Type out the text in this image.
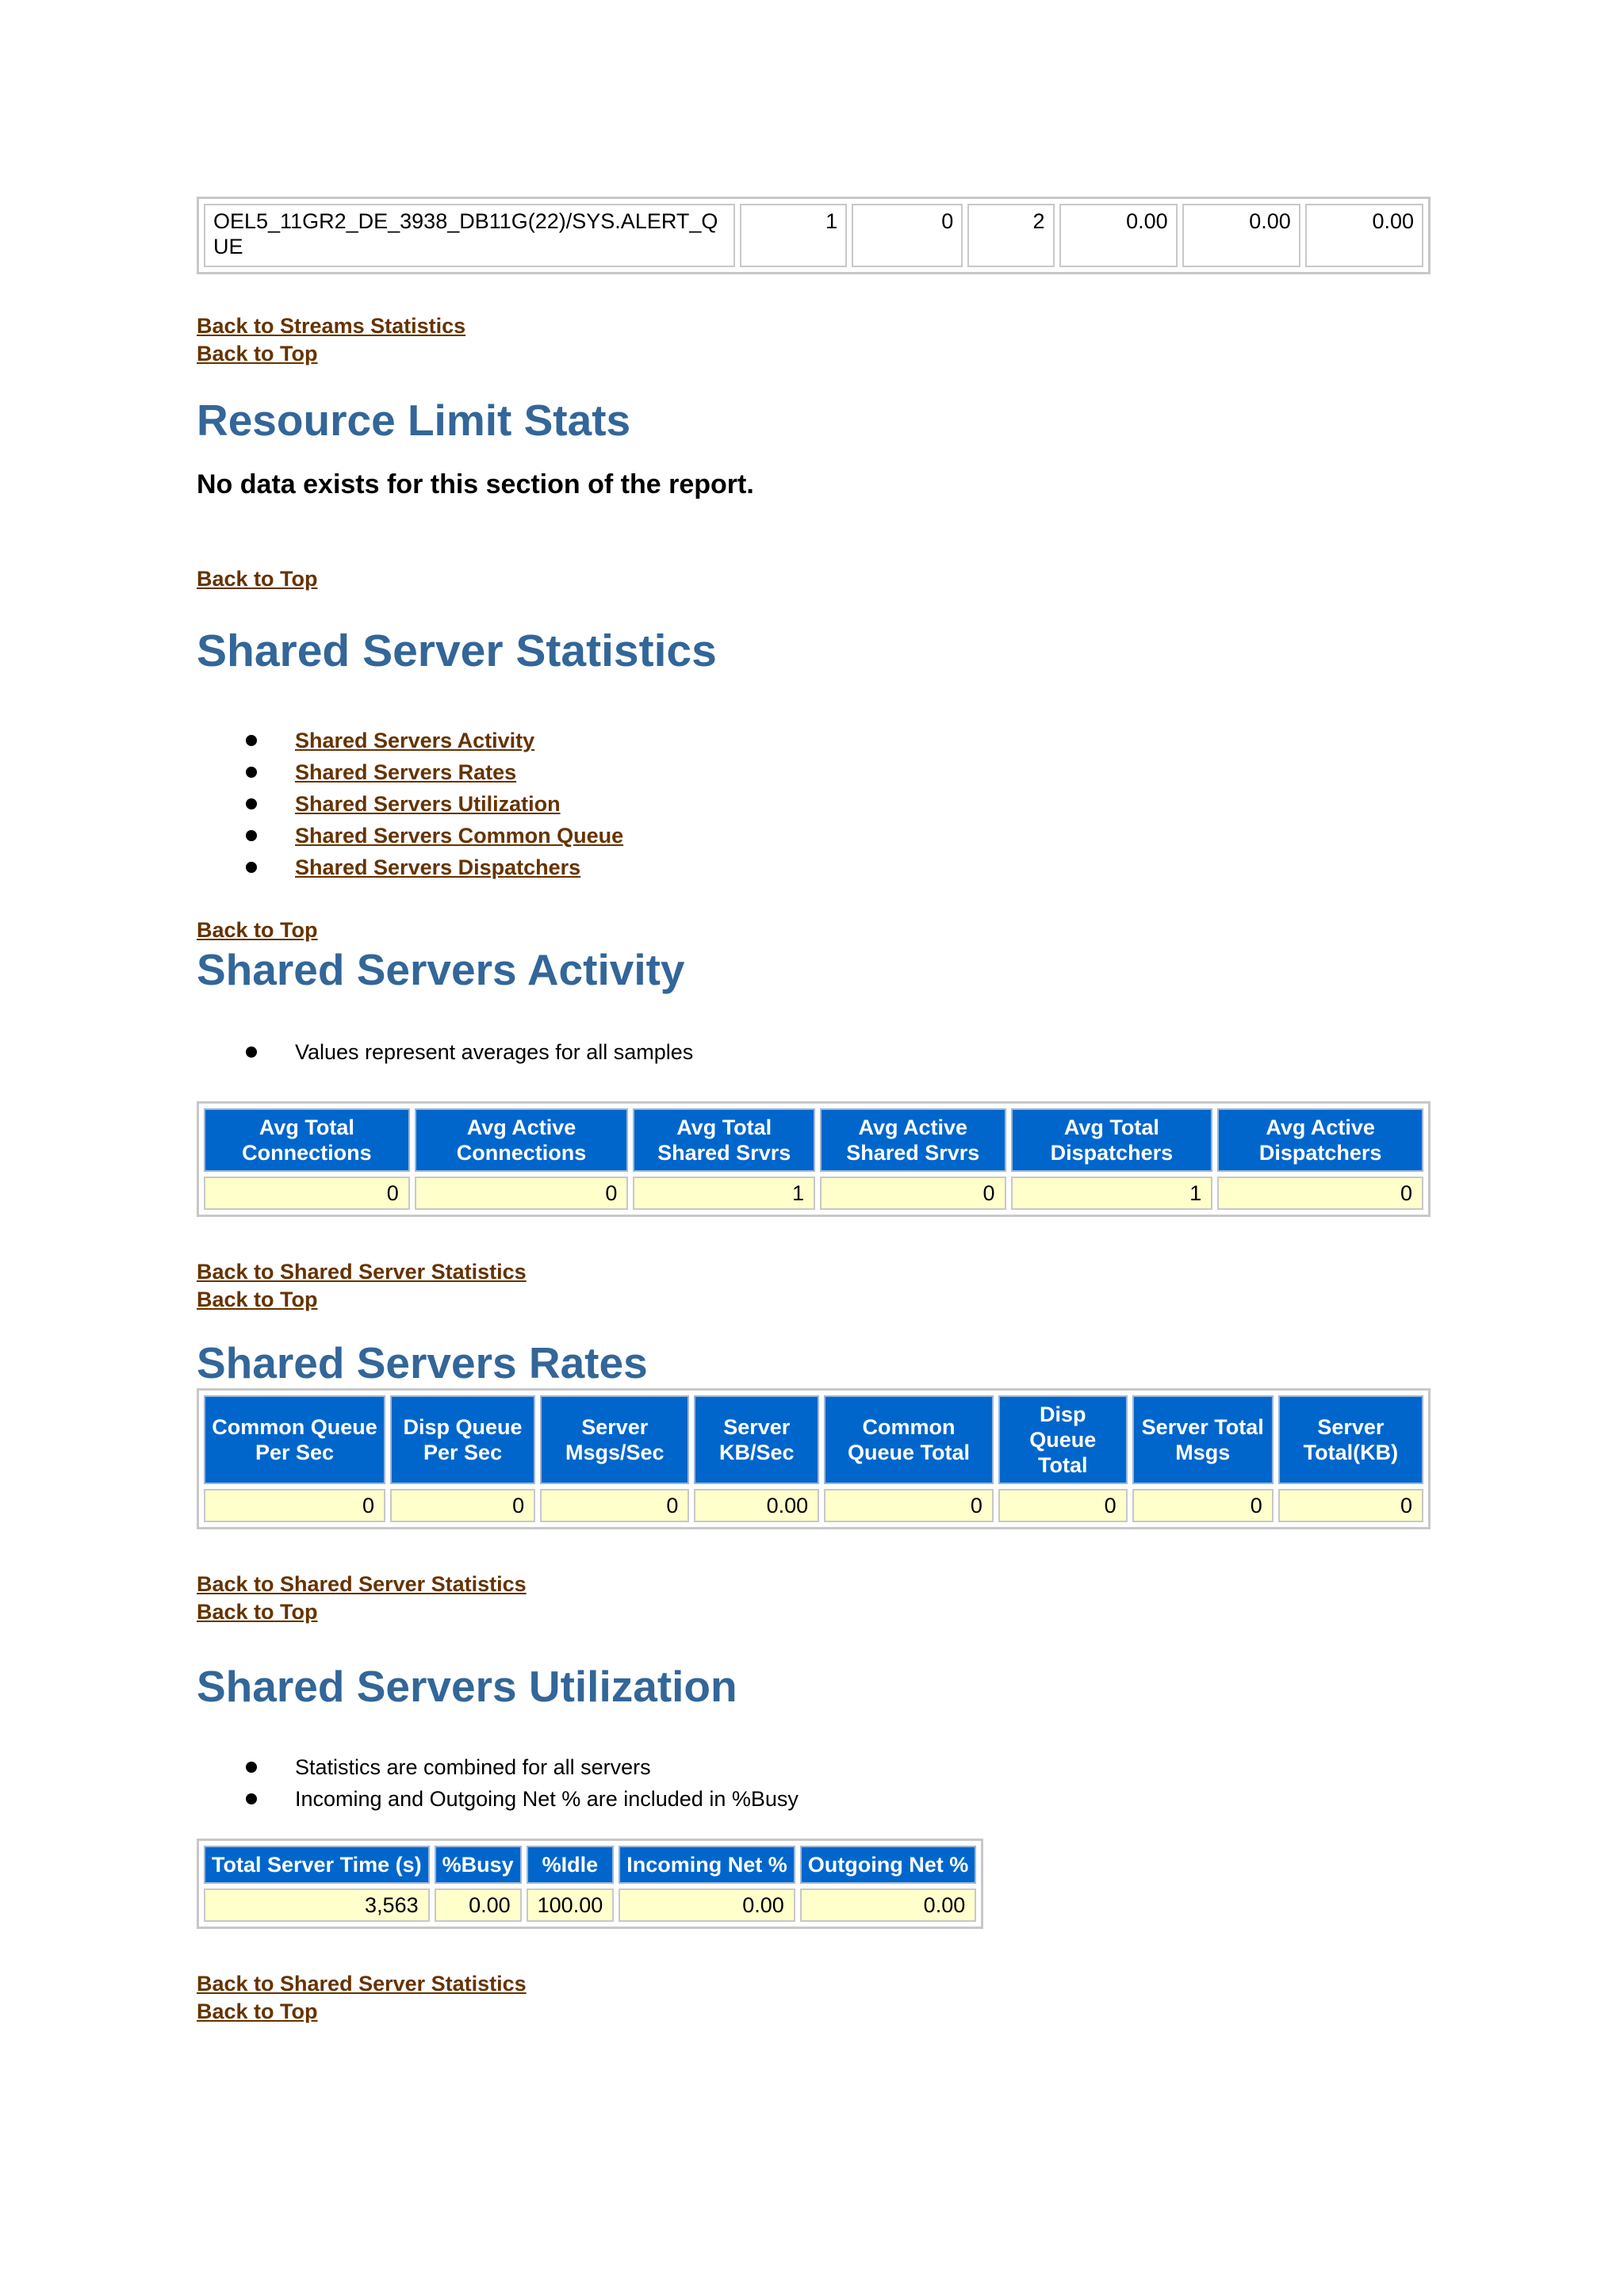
OEL5_11GR2_DE_3938_DB11G(22)/SYS.ALERT_QUE	1	0	2	0.00	0.00	0.00
Back to Streams Statistics
Back to Top
Resource Limit Stats
No data exists for this section of the report.
Back to Top
Shared Server Statistics
Shared Servers Activity
Shared Servers Rates
Shared Servers Utilization
Shared Servers Common Queue
Shared Servers Dispatchers
Back to Top
Shared Servers Activity
Values represent averages for all samples
Avg Total Connections	Avg Active Connections	Avg Total Shared Srvrs	Avg Active Shared Srvrs	Avg Total Dispatchers	Avg Active Dispatchers
0	0	1	0	1	0
Back to Shared Server Statistics
Back to Top
Shared Servers Rates
Common Queue Per Sec	Disp Queue Per Sec	Server Msgs/Sec	Server KB/Sec	Common Queue Total	Disp Queue Total	Server Total Msgs	Server Total(KB)
0	0	0	0.00	0	0	0	0
Back to Shared Server Statistics
Back to Top
Shared Servers Utilization
Statistics are combined for all servers
Incoming and Outgoing Net % are included in %Busy
Total Server Time (s)	%Busy	%Idle	Incoming Net %	Outgoing Net %
3,563	0.00	100.00	0.00	0.00
Back to Shared Server Statistics
Back to Top
